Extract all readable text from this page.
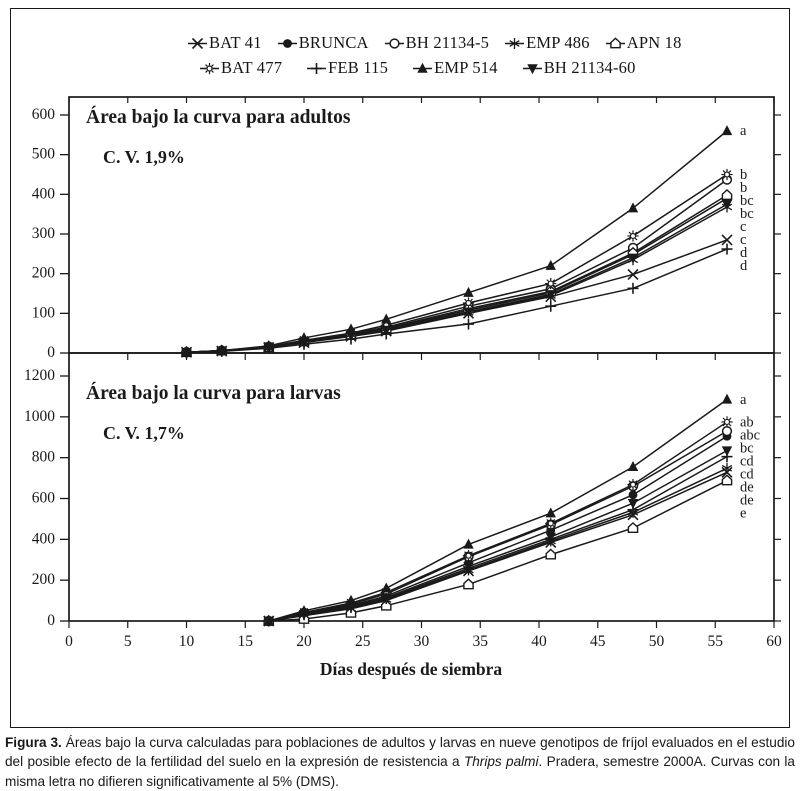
0
100
200
300
400
500
600
a
b
b
bc
bc
c
c
d
d
Área bajo la curva para adultos
C. V. 1,9%
0
200
400
600
800
1000
1200
a
ab
abc
bc
cd
cd
de
de
e
Área bajo la curva para larvas
C. V. 1,7%
0	5	10	15	20	25	30	35	40	45	50	55	60
Días después de siembra
BAT 41 BRUNCA BH 21134-5 EMP 486 APN 18
BAT 477	FEB 115	EMP 514	BH 21134-60

Figura 3. Áreas bajo la curva calculadas para poblaciones de adultos y larvas en nueve genotipos de fríjol evaluados en el estudio del posible efecto de la fertilidad del suelo en la expresión de resistencia a Thrips palmi. Pradera, semestre 2000A. Curvas con la misma letra no difieren significativamente al 5% (DMS).
